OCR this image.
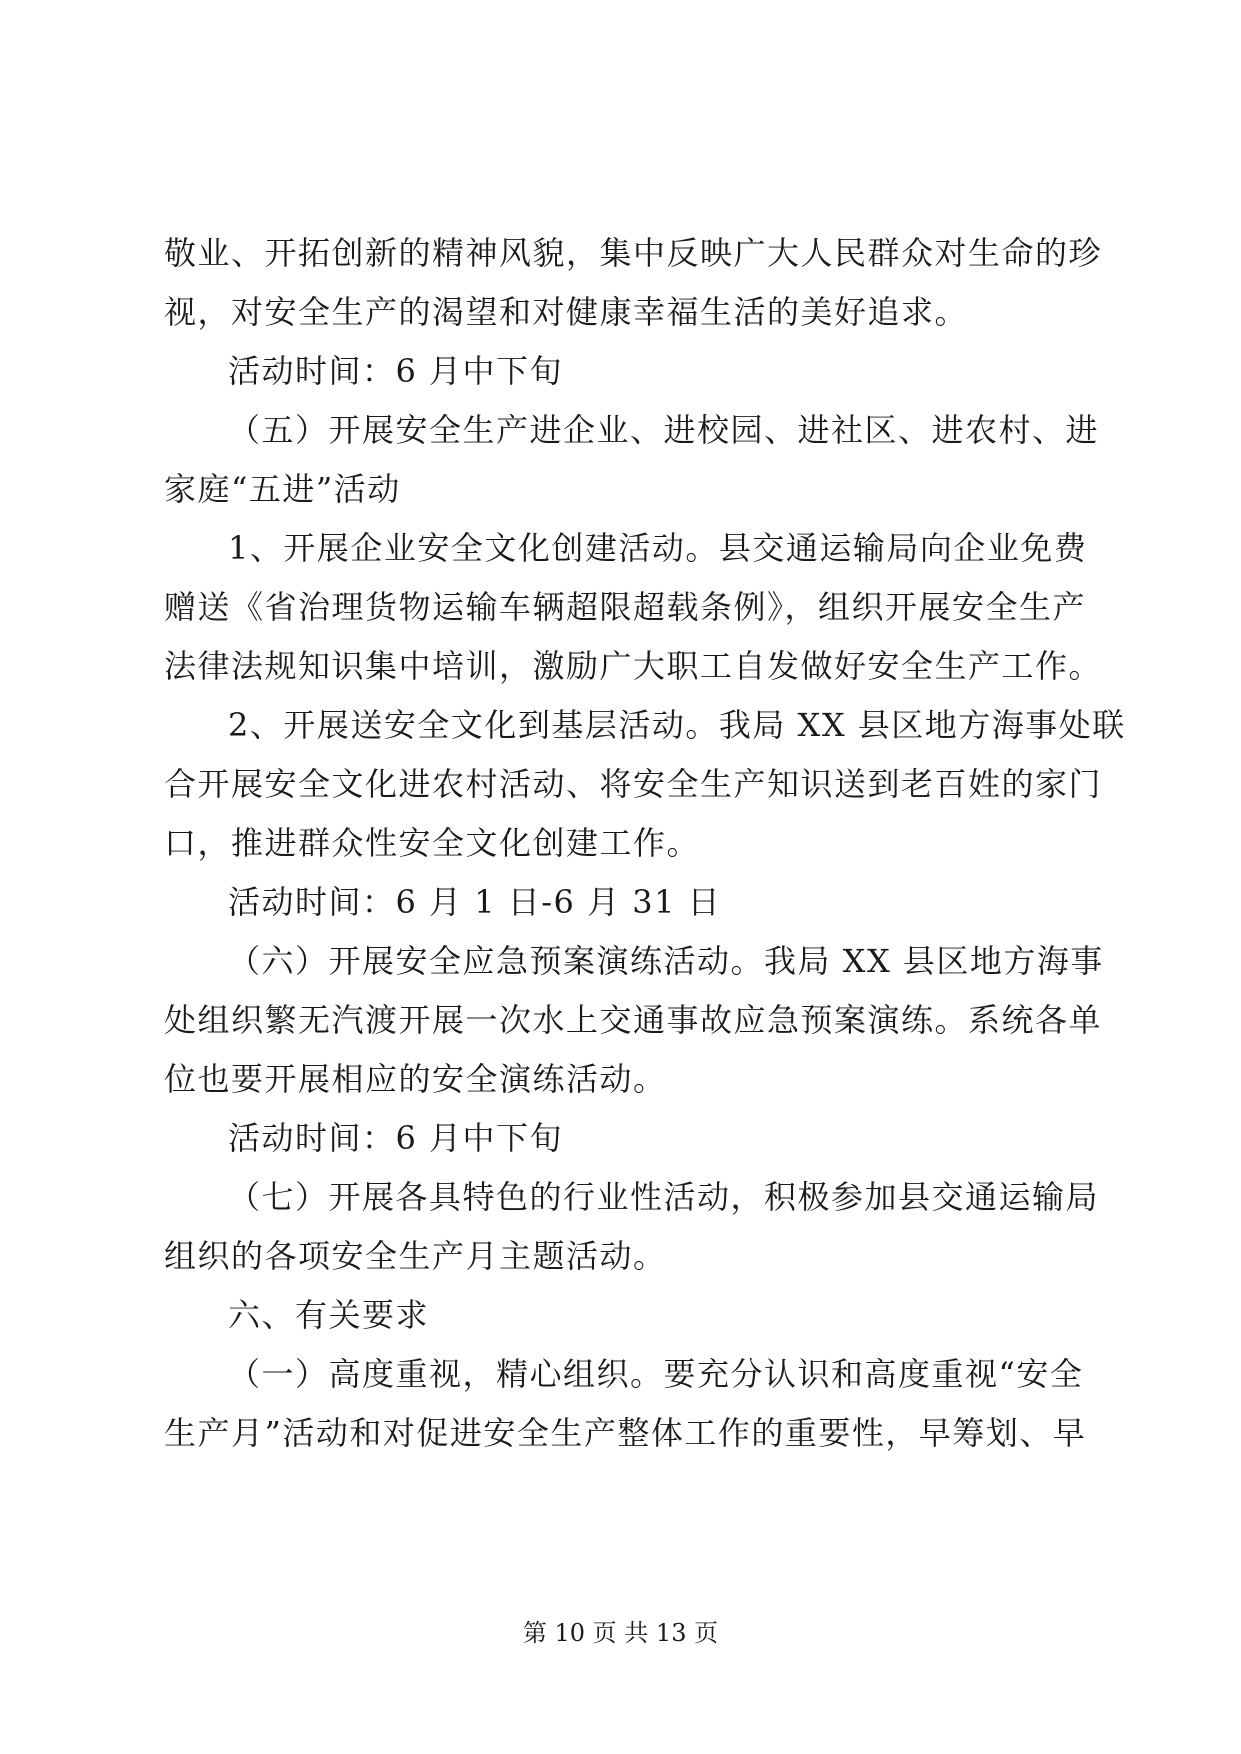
敬业、开拓创新的精神风貌，集中反映广大人民群众对生命的珍
视，对安全生产的渴望和对健康幸福生活的美好追求。
活动时间：6 月中下旬
（五）开展安全生产进企业、进校园、进社区、进农村、进
家庭“五进”活动
1、开展企业安全文化创建活动。县交通运输局向企业免费
赠送《省治理货物运输车辆超限超载条例》，组织开展安全生产
法律法规知识集中培训，激励广大职工自发做好安全生产工作。
2、开展送安全文化到基层活动。我局 XX 县区地方海事处联
合开展安全文化进农村活动、将安全生产知识送到老百姓的家门
口，推进群众性安全文化创建工作。
活动时间：6 月 1 日-6 月 31 日
（六）开展安全应急预案演练活动。我局 XX 县区地方海事
处组织繁无汽渡开展一次水上交通事故应急预案演练。系统各单
位也要开展相应的安全演练活动。
活动时间：6 月中下旬
（七）开展各具特色的行业性活动，积极参加县交通运输局
组织的各项安全生产月主题活动。
六、有关要求
（一）高度重视，精心组织。要充分认识和高度重视“安全
生产月”活动和对促进安全生产整体工作的重要性，早筹划、早
第 10 页 共 13 页
